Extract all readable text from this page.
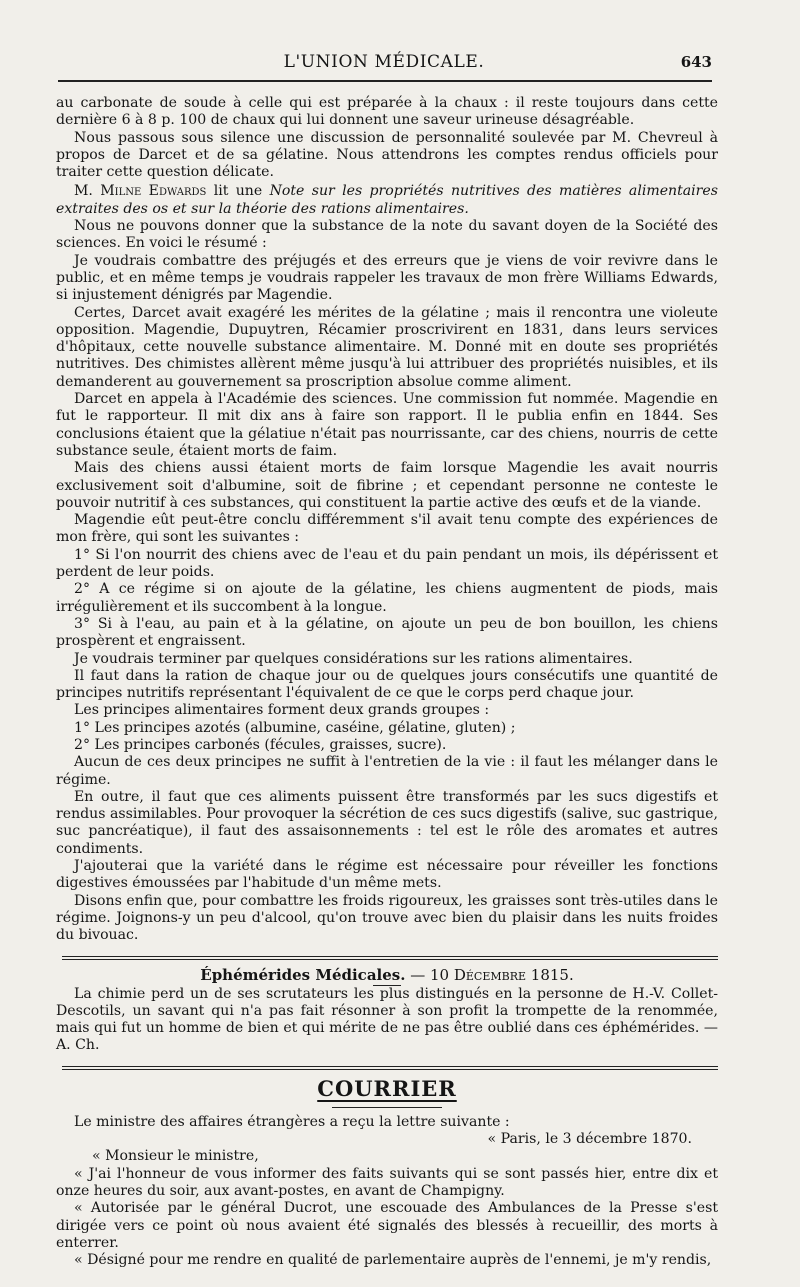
L'UNION MÉDICALE.	643

au carbonate de soude à celle qui est préparée à la chaux : il reste toujours dans cette dernière 6 à 8 p. 100 de chaux qui lui donnent une saveur urineuse désagréable.

Nous passous sous silence une discussion de personnalité soulevée par M. Chevreul à propos de Darcet et de sa gélatine. Nous attendrons les comptes rendus officiels pour traiter cette question délicate.

M. Milne Edwards lit une Note sur les propriétés nutritives des matières alimentaires extraites des os et sur la théorie des rations alimentaires.

Nous ne pouvons donner que la substance de la note du savant doyen de la Société des sciences. En voici le résumé :

Je voudrais combattre des préjugés et des erreurs que je viens de voir revivre dans le public, et en même temps je voudrais rappeler les travaux de mon frère Williams Edwards, si injustement dénigrés par Magendie.

Certes, Darcet avait exagéré les mérites de la gélatine ; mais il rencontra une violeute opposition. Magendie, Dupuytren, Récamier proscrivirent en 1831, dans leurs services d'hôpitaux, cette nouvelle substance alimentaire. M. Donné mit en doute ses propriétés nutritives. Des chimistes allèrent même jusqu'à lui attribuer des propriétés nuisibles, et ils demanderent au gouvernement sa proscription absolue comme aliment.

Darcet en appela à l'Académie des sciences. Une commission fut nommée. Magendie en fut le rapporteur. Il mit dix ans à faire son rapport. Il le publia enfin en 1844. Ses conclusions étaient que la gélatiue n'était pas nourrissante, car des chiens, nourris de cette substance seule, étaient morts de faim.

Mais des chiens aussi étaient morts de faim lorsque Magendie les avait nourris exclusivement soit d'albumine, soit de fibrine ; et cependant personne ne conteste le pouvoir nutritif à ces substances, qui constituent la partie active des œufs et de la viande.

Magendie eût peut-être conclu différemment s'il avait tenu compte des expériences de mon frère, qui sont les suivantes :

1° Si l'on nourrit des chiens avec de l'eau et du pain pendant un mois, ils dépérissent et perdent de leur poids.

2° A ce régime si on ajoute de la gélatine, les chiens augmentent de piods, mais irrégulièrement et ils succombent à la longue.

3° Si à l'eau, au pain et à la gélatine, on ajoute un peu de bon bouillon, les chiens prospèrent et engraissent.

Je voudrais terminer par quelques considérations sur les rations alimentaires.

Il faut dans la ration de chaque jour ou de quelques jours consécutifs une quantité de principes nutritifs représentant l'équivalent de ce que le corps perd chaque jour.

Les principes alimentaires forment deux grands groupes :

1° Les principes azotés (albumine, caséine, gélatine, gluten) ;

2° Les principes carbonés (fécules, graisses, sucre).

Aucun de ces deux principes ne suffit à l'entretien de la vie : il faut les mélanger dans le régime.

En outre, il faut que ces aliments puissent être transformés par les sucs digestifs et rendus assimilables. Pour provoquer la sécrétion de ces sucs digestifs (salive, suc gastrique, suc pancréatique), il faut des assaisonnements : tel est le rôle des aromates et autres condiments.

J'ajouterai que la variété dans le régime est nécessaire pour réveiller les fonctions digestives émoussées par l'habitude d'un même mets.

Disons enfin que, pour combattre les froids rigoureux, les graisses sont très-utiles dans le régime. Joignons-y un peu d'alcool, qu'on trouve avec bien du plaisir dans les nuits froides du bivouac.

Éphémérides Médicales. — 10 Décembre 1815.

La chimie perd un de ses scrutateurs les plus distingués en la personne de H.-V. Collet-Descotils, un savant qui n'a pas fait résonner à son profit la trompette de la renommée, mais qui fut un homme de bien et qui mérite de ne pas être oublié dans ces éphémérides. — A. Ch.

COURRIER

Le ministre des affaires étrangères a reçu la lettre suivante :

« Paris, le 3 décembre 1870.

« Monsieur le ministre,

« J'ai l'honneur de vous informer des faits suivants qui se sont passés hier, entre dix et onze heures du soir, aux avant-postes, en avant de Champigny.

« Autorisée par le général Ducrot, une escouade des Ambulances de la Presse s'est dirigée vers ce point où nous avaient été signalés des blessés à recueillir, des morts à enterrer.

« Désigné pour me rendre en qualité de parlementaire auprès de l'ennemi, je m'y rendis,
